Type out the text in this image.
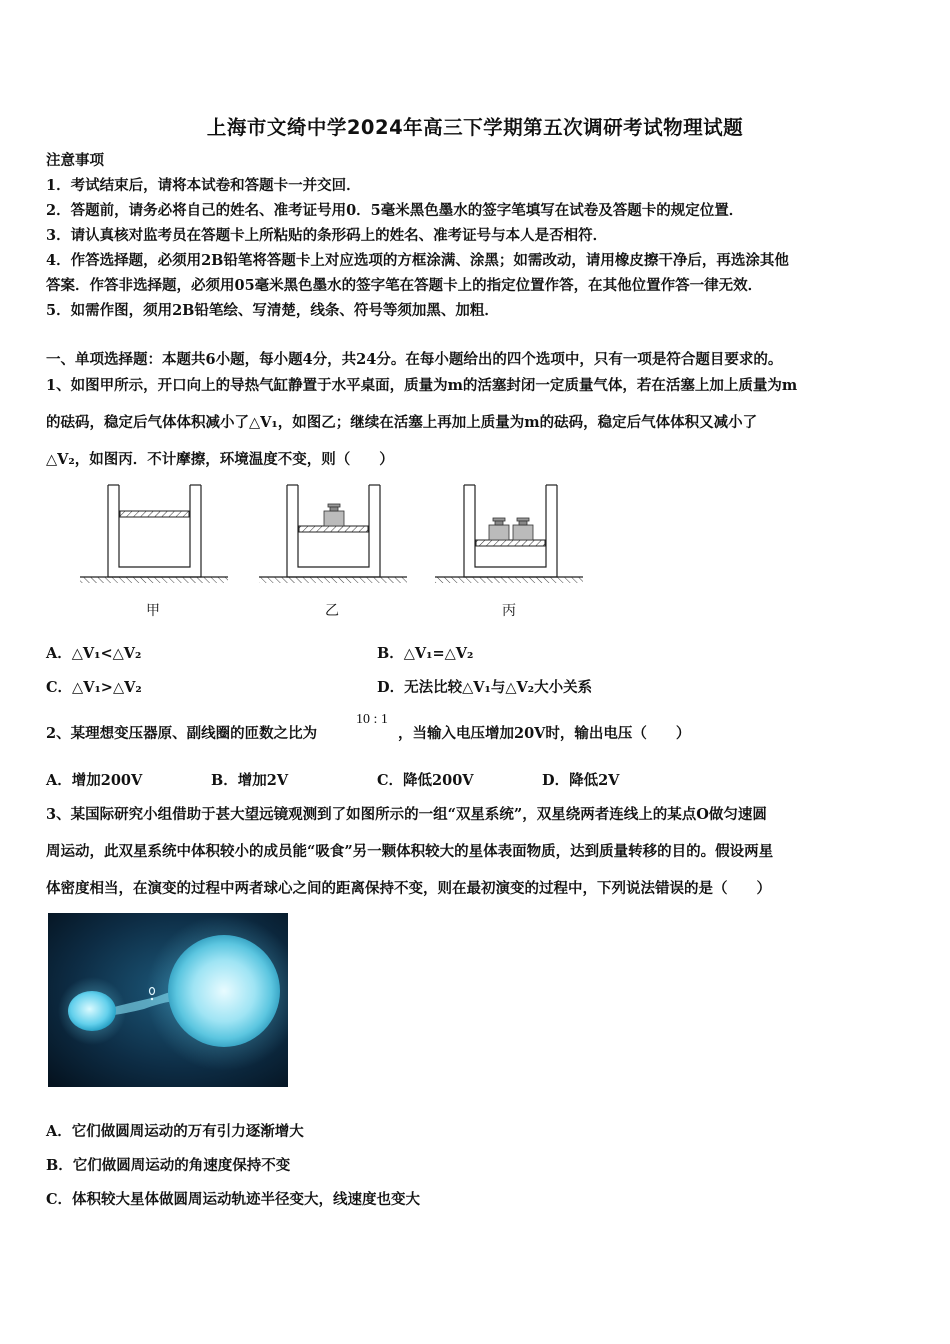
上海市文绮中学2024年高三下学期第五次调研考试物理试题
注意事项
1．考试结束后，请将本试卷和答题卡一并交回．
2．答题前，请务必将自己的姓名、准考证号用0．5毫米黑色墨水的签字笔填写在试卷及答题卡的规定位置．
3．请认真核对监考员在答题卡上所粘贴的条形码上的姓名、准考证号与本人是否相符．
4．作答选择题，必须用2B铅笔将答题卡上对应选项的方框涂满、涂黑；如需改动，请用橡皮擦干净后，再选涂其他
答案．作答非选择题，必须用05毫米黑色墨水的签字笔在答题卡上的指定位置作答，在其他位置作答一律无效．
5．如需作图，须用2B铅笔绘、写清楚，线条、符号等须加黑、加粗．
一、单项选择题：本题共6小题，每小题4分，共24分。在每小题给出的四个选项中，只有一项是符合题目要求的。
1、如图甲所示，开口向上的导热气缸静置于水平桌面，质量为m的活塞封闭一定质量气体，若在活塞上加上质量为m
的砝码，稳定后气体体积减小了△V₁，如图乙；继续在活塞上再加上质量为m的砝码，稳定后气体体积又减小了
△V₂，如图丙．不计摩擦，环境温度不变，则（　　）
甲	乙	丙
A．△V₁<△V₂	B．△V₁=△V₂
C．△V₁>△V₂	D．无法比较△V₁与△V₂大小关系
2、某理想变压器原、副线圈的匝数之比为
10 : 1
，当输入电压增加20V时，输出电压（　　）
A．增加200V	B．增加2V	C．降低200V	D．降低2V
3、某国际研究小组借助于甚大望远镜观测到了如图所示的一组“双星系统”，双星绕两者连线上的某点O做匀速圆
周运动，此双星系统中体积较小的成员能“吸食”另一颗体积较大的星体表面物质，达到质量转移的目的。假设两星
体密度相当，在演变的过程中两者球心之间的距离保持不变，则在最初演变的过程中，下列说法错误的是（　　）
O
A．它们做圆周运动的万有引力逐渐增大
B．它们做圆周运动的角速度保持不变
C．体积较大星体做圆周运动轨迹半径变大，线速度也变大
